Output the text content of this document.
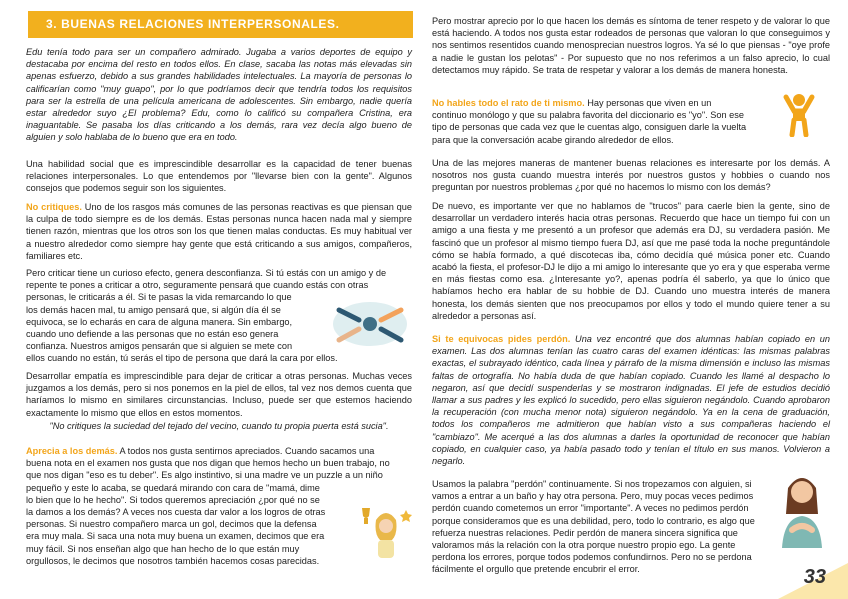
3. BUENAS RELACIONES INTERPERSONALES.

Edu tenía todo para ser un compañero admirado. Jugaba a varios deportes de equipo y destacaba por encima del resto en todos ellos. En clase, sacaba las notas más elevadas sin apenas esfuerzo, debido a sus grandes habilidades intelectuales. La mayoría de personas lo calificarían como "muy guapo", por lo que podríamos decir que tendría todos los requisitos para ser la estrella de una película americana de adolescentes. Sin embargo, nadie quería estar alrededor suyo ¿El problema? Edu, como lo calificó su compañera Cristina, era inaguantable. Se pasaba los días criticando a los demás, rara vez decía algo bueno de alguien y solo hablaba de lo bueno que era en todo.

Una habilidad social que es imprescindible desarrollar es la capacidad de tener buenas relaciones interpersonales. Lo que entendemos por "llevarse bien con la gente". Algunos consejos que podemos seguir son los siguientes.

No critiques. Uno de los rasgos más comunes de las personas reactivas es que piensan que la culpa de todo siempre es de los demás. Estas personas nunca hacen nada mal y siempre tienen razón, mientras que los otros son los que tienen malas conductas. Es muy habitual ver a nuestro alrededor como siempre hay gente que está criticando a sus amigos, compañeros, familiares etc.

Pero criticar tiene un curioso efecto, genera desconfianza. Si tú estás con un amigo y de
repente te pones a criticar a otro, seguramente pensará que cuando estás con otras
personas, le criticarás a él. Si te pasas la vida remarcando lo que
los demás hacen mal, tu amigo pensará que, si algún día él se
equivoca, se lo echarás en cara de alguna manera. Sin embargo,
cuando uno defiende a las personas que no están eso genera
confianza. Nuestros amigos pensarán que si alguien se mete con
ellos cuando no están, tú serás el tipo de persona que dará la cara por ellos.

Desarrollar empatía es imprescindible para dejar de criticar a otras personas. Muchas veces juzgamos a los demás, pero si nos ponemos en la piel de ellos, tal vez nos demos cuenta que haríamos lo mismo en similares circunstancias. Incluso, puede ser que estemos haciendo exactamente lo mismo que ellos en estos momentos.

"No critiques la suciedad del tejado del vecino, cuando tu propia puerta está sucia".

Aprecia a los demás. A todos nos gusta sentirnos apreciados. Cuando sacamos una
buena nota en el examen nos gusta que nos digan que hemos hecho un buen trabajo, no
que nos digan "eso es tu deber". Es algo instintivo, si una madre ve un puzzle a un niño
pequeño y este lo acaba, se quedará mirando con cara de "mamá, dime
lo bien que lo he hecho". Si todos queremos apreciación ¿por qué no se
la damos a los demás? A veces nos cuesta dar valor a los logros de otras
personas. Si nuestro compañero marca un gol, decimos que la defensa
era muy mala. Si saca una nota muy buena un examen, decimos que era
muy fácil. Si nos enseñan algo que han hecho de lo que están muy
orgullosos, le decimos que nosotros también hacemos cosas parecidas.

Pero mostrar aprecio por lo que hacen los demás es síntoma de tener respeto y de valorar lo que está haciendo. A todos nos gusta estar rodeados de personas que valoran lo que conseguimos y nos sentimos resentidos cuando menosprecian nuestros logros. Ya sé lo que piensas - "oye profe a nadie le gustan los pelotas" - Por supuesto que no nos referimos a un falso aprecio, lo cual detectamos muy rápido. Se trata de respetar y valorar a los demás de manera honesta.

No hables todo el rato de ti mismo. Hay personas que viven en un
continuo monólogo y que su palabra favorita del diccionario es "yo". Son ese
tipo de personas que cada vez que le cuentas algo, consiguen darle la vuelta
para que la conversación acabe girando alrededor de ellos.

Una de las mejores maneras de mantener buenas relaciones es interesarte por los demás. A nosotros nos gusta cuando muestra interés por nuestros gustos y hobbies o cuando nos preguntan por nuestros problemas ¿por qué no hacemos lo mismo con los demás?

De nuevo, es importante ver que no hablamos de "trucos" para caerle bien la gente, sino de desarrollar un verdadero interés hacia otras personas. Recuerdo que hace un tiempo fui con un amigo a una fiesta y me presentó a un profesor que además era DJ, su verdadera pasión. Me fascinó que un profesor al mismo tiempo fuera DJ, así que me pasé toda la noche preguntándole cómo se había formado, a qué discotecas iba, cómo decidía qué música poner etc. Cuando acabó la fiesta, el profesor-DJ le dijo a mi amigo lo interesante que yo era y que esperaba verme en más fiestas como esa. ¿Interesante yo?, apenas podría él saberlo, ya que lo único que habíamos hecho era hablar de su hobbie de DJ. Cuando uno muestra interés de manera honesta, los demás sienten que nos preocupamos por ellos y todo el mundo quiere tener a su alrededor a personas así.

Si te equivocas pides perdón. Una vez encontré que dos alumnas habían copiado en un examen. Las dos alumnas tenían las cuatro caras del examen idénticas: las mismas palabras exactas, el subrayado idéntico, cada línea y párrafo de la misma dimensión e incluso las mismas faltas de ortografía. No había duda de que habían copiado. Cuando les llamé al despacho lo negaron, así que decidí suspenderlas y se mostraron indignadas. El jefe de estudios decidió llamar a sus padres y les explicó lo sucedido, pero ellas siguieron negándolo. Cuando aprobaron la recuperación (con mucha menor nota) siguieron negándolo. Ya en la cena de graduación, todos los compañeros me admitieron que habían visto a sus compañeras haciendo el "cambiazo". Me acerqué a las dos alumnas a darles la oportunidad de reconocer que habían copiado, en cualquier caso, ya había pasado todo y tenían el título en sus manos. Volvieron a negarlo.

Usamos la palabra "perdón" continuamente. Si nos tropezamos con alguien, si
vamos a entrar a un baño y hay otra persona. Pero, muy pocas veces pedimos
perdón cuando cometemos un error "importante". A veces no pedimos perdón
porque consideramos que es una debilidad, pero, todo lo contrario, es algo que
refuerza nuestras relaciones. Pedir perdón de manera sincera significa que
valoramos más la relación con la otra porque nuestro propio ego. La gente
perdona los errores, porque todos podemos confundirnos. Pero no se perdona
fácilmente el orgullo que pretende encubrir el error.	33
